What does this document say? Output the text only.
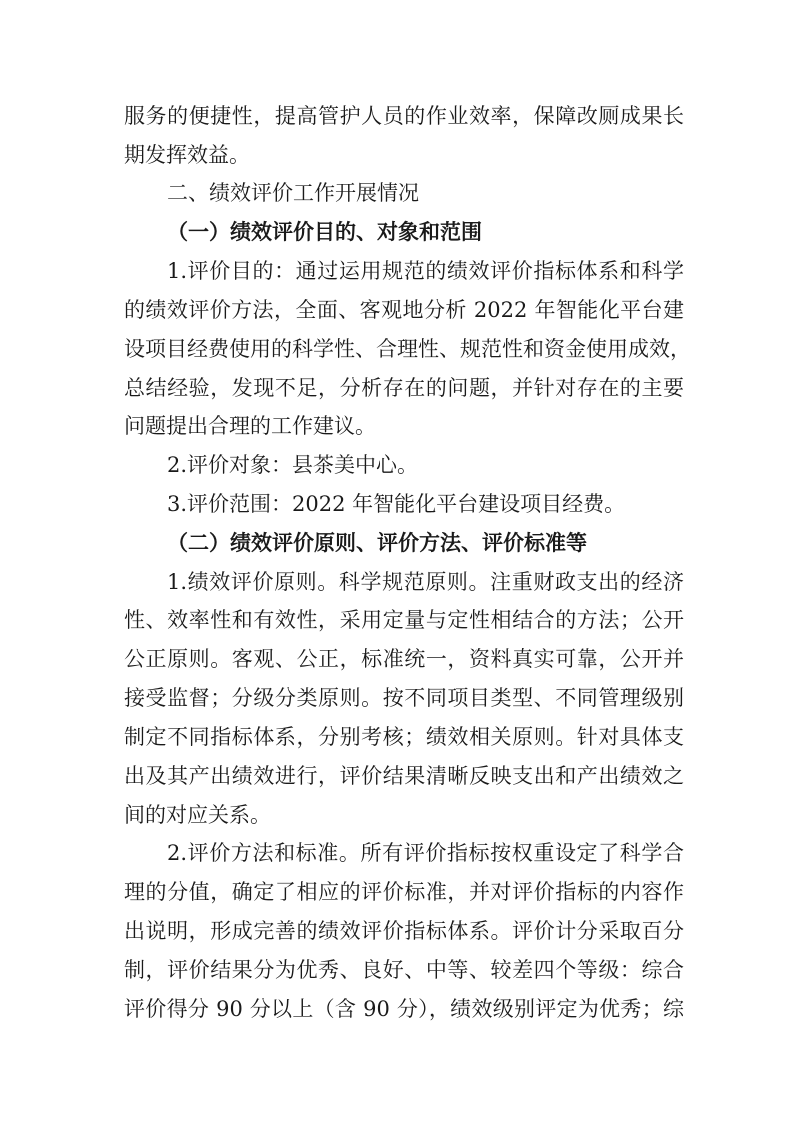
服务的便捷性，提高管护人员的作业效率，保障改厕成果长
期发挥效益。
二、绩效评价工作开展情况
（一）绩效评价目的、对象和范围
1.评价目的：通过运用规范的绩效评价指标体系和科学
的绩效评价方法，全面、客观地分析 2022 年智能化平台建
设项目经费使用的科学性、合理性、规范性和资金使用成效，
总结经验，发现不足，分析存在的问题，并针对存在的主要
问题提出合理的工作建议。
2.评价对象：县茶美中心。
3.评价范围：2022 年智能化平台建设项目经费。
（二）绩效评价原则、评价方法、评价标准等
1.绩效评价原则。科学规范原则。注重财政支出的经济
性、效率性和有效性，采用定量与定性相结合的方法；公开
公正原则。客观、公正，标准统一，资料真实可靠，公开并
接受监督；分级分类原则。按不同项目类型、不同管理级别
制定不同指标体系，分别考核；绩效相关原则。针对具体支
出及其产出绩效进行，评价结果清晰反映支出和产出绩效之
间的对应关系。
2.评价方法和标准。所有评价指标按权重设定了科学合
理的分值，确定了相应的评价标准，并对评价指标的内容作
出说明，形成完善的绩效评价指标体系。评价计分采取百分
制，评价结果分为优秀、良好、中等、较差四个等级：综合
评价得分 90 分以上（含 90 分），绩效级别评定为优秀；综
